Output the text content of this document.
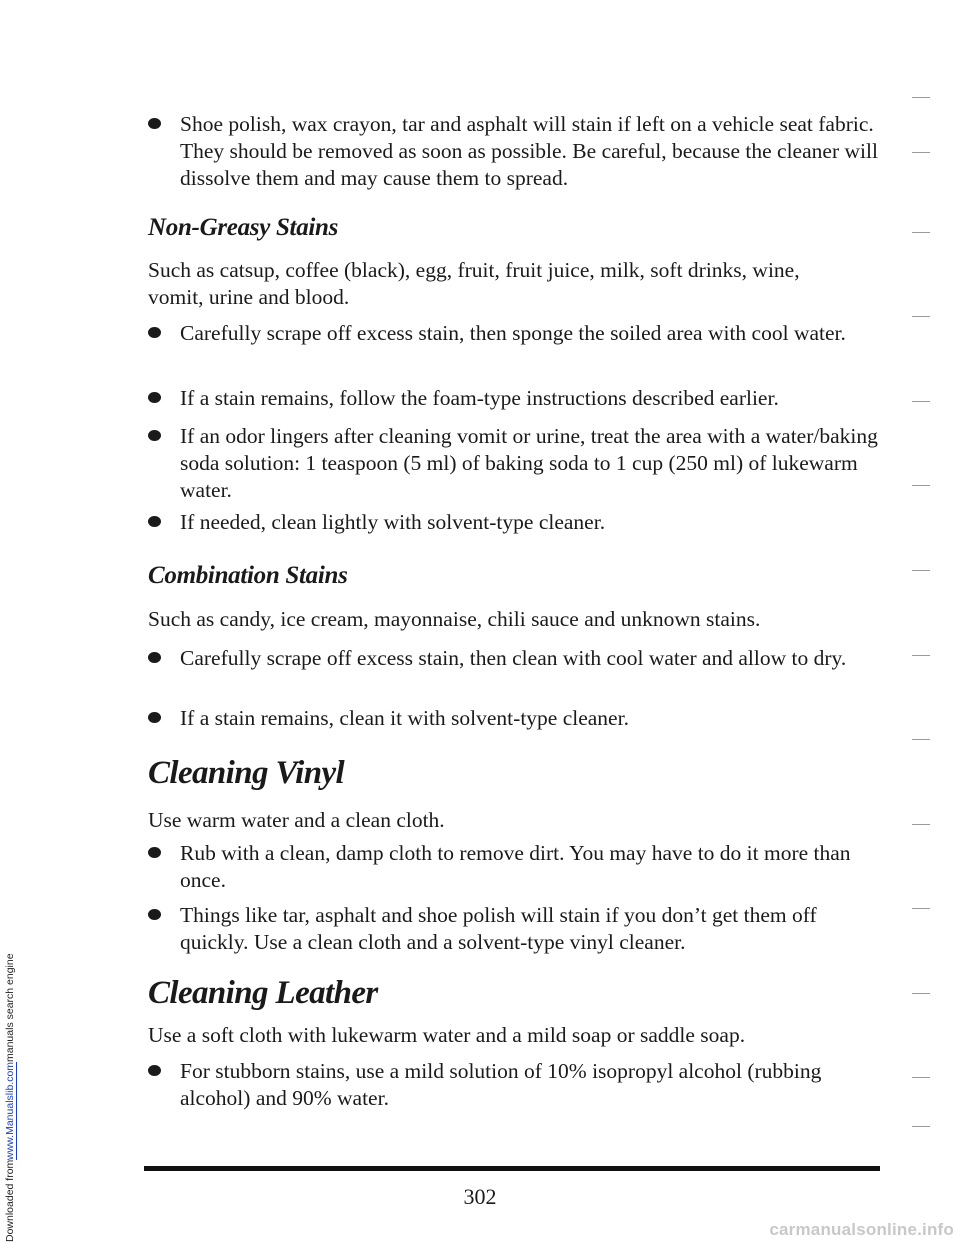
Downloaded from
www.Manualslib.com
manuals search engine
Shoe polish, wax crayon, tar and asphalt will stain if left on a vehicle seat fabric. They should be removed as soon as possible. Be careful, because the cleaner will dissolve them and may cause them to spread.
Non-Greasy Stains
Such as catsup, coffee (black), egg, fruit, fruit juice, milk, soft drinks, wine, vomit, urine and blood.
Carefully scrape off excess stain, then sponge the soiled area with cool water.
If a stain remains, follow the foam-type instructions described earlier.
If an odor lingers after cleaning vomit or urine, treat the area with a water/baking soda solution: 1 teaspoon (5 ml) of baking soda to 1 cup (250 ml) of lukewarm water.
If needed, clean lightly with solvent-type cleaner.
Combination Stains
Such as candy, ice cream, mayonnaise, chili sauce and unknown stains.
Carefully scrape off excess stain, then clean with cool water and allow to dry.
If a stain remains, clean it with solvent-type cleaner.
Cleaning Vinyl
Use warm water and a clean cloth.
Rub with a clean, damp cloth to remove dirt. You may have to do it more than once.
Things like tar, asphalt and shoe polish will stain if you don’t get them off quickly. Use a clean cloth and a solvent-type vinyl cleaner.
Cleaning Leather
Use a soft cloth with lukewarm water and a mild soap or saddle soap.
For stubborn stains, use a mild solution of 10% isopropyl alcohol (rubbing alcohol) and 90% water.
302
carmanualsonline.info
